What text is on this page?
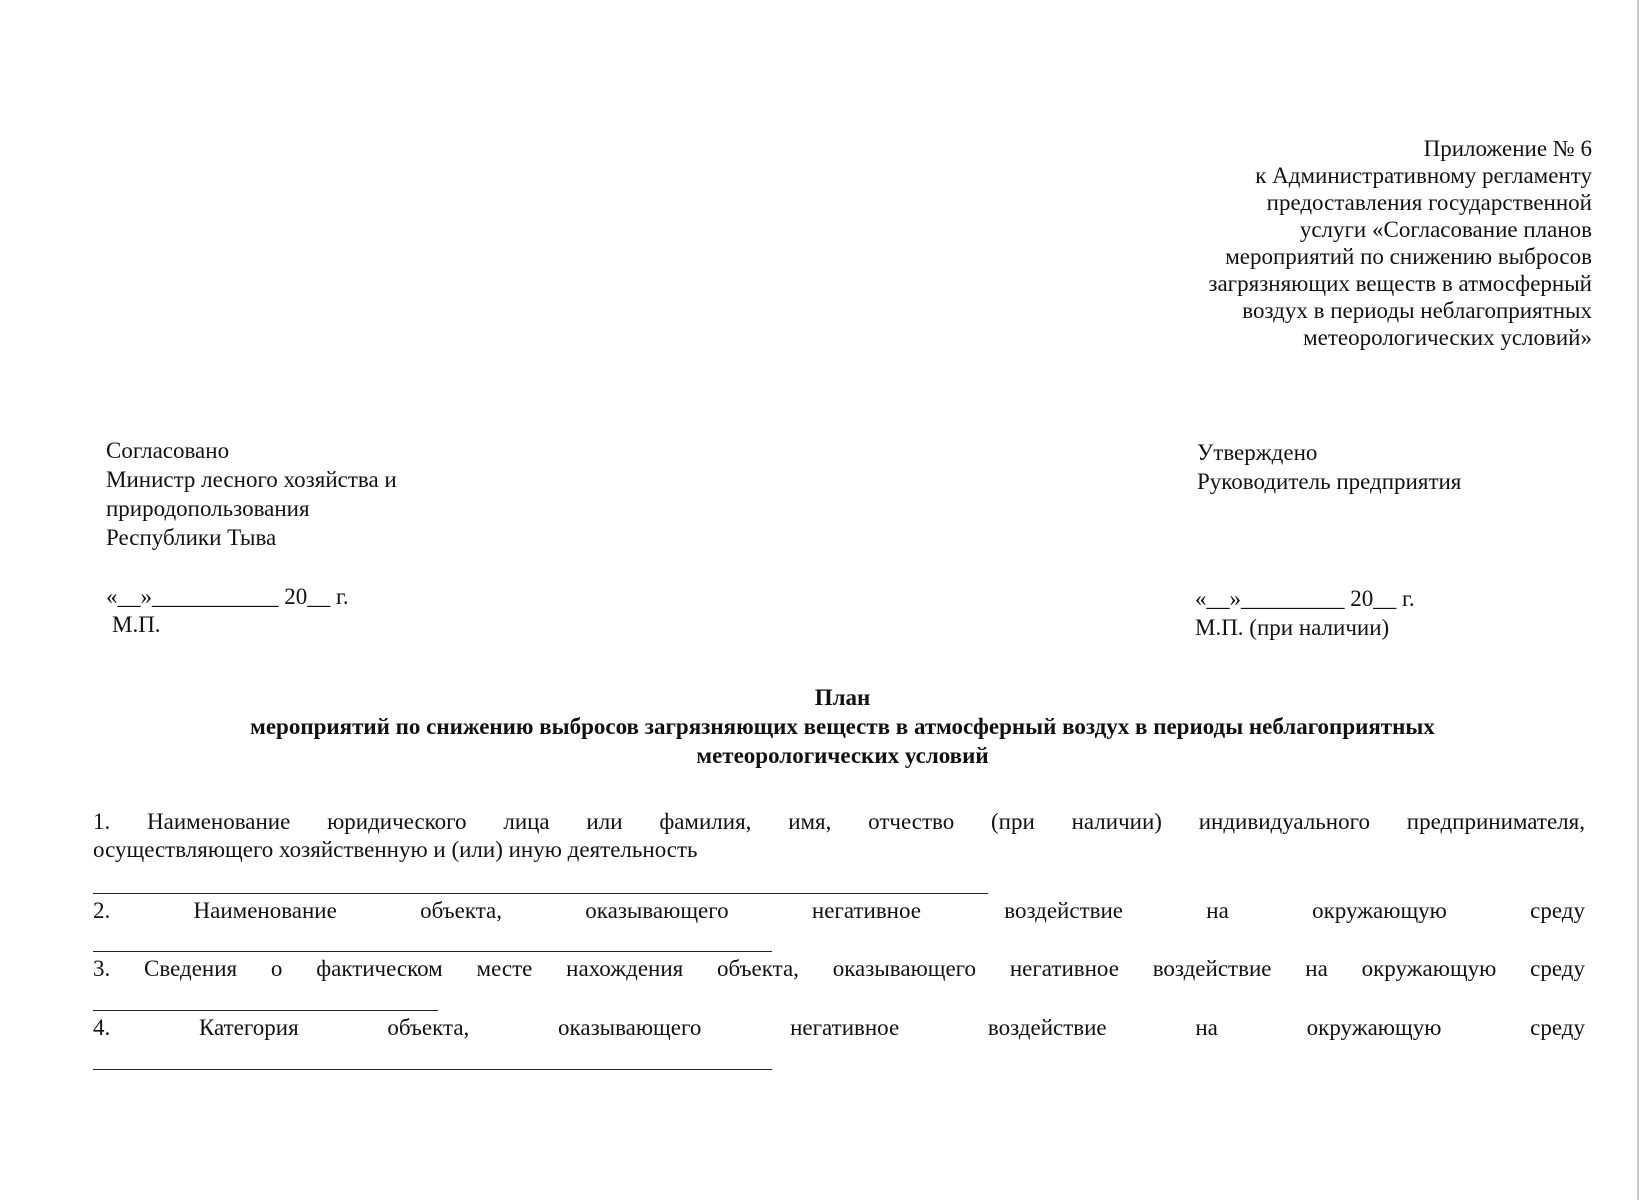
Приложение № 6
к Административному регламенту
предоставления государственной
услуги «Согласование планов
мероприятий по снижению выбросов
загрязняющих веществ в атмосферный
воздух в периоды неблагоприятных
метеорологических условий»
Согласовано
Министр лесного хозяйства и
природопользования
Республики Тыва
«__»___________ 20__ г.
М.П.
Утверждено
Руководитель предприятия
«__»_________ 20__ г.
М.П. (при наличии)
План
мероприятий по снижению выбросов загрязняющих веществ в атмосферный воздух в периоды неблагоприятных
метеорологических условий
1. Наименование юридического лица или фамилия, имя, отчество (при наличии) индивидуального предпринимателя,
осуществляющего хозяйственную и (или) иную деятельность
2.	Наименование	объекта,	оказывающего	негативное	воздействие	на	окружающую	среду
3. Сведения о фактическом месте нахождения объекта, оказывающего негативное воздействие на окружающую среду
4.	Категория	объекта,	оказывающего	негативное	воздействие	на	окружающую	среду
